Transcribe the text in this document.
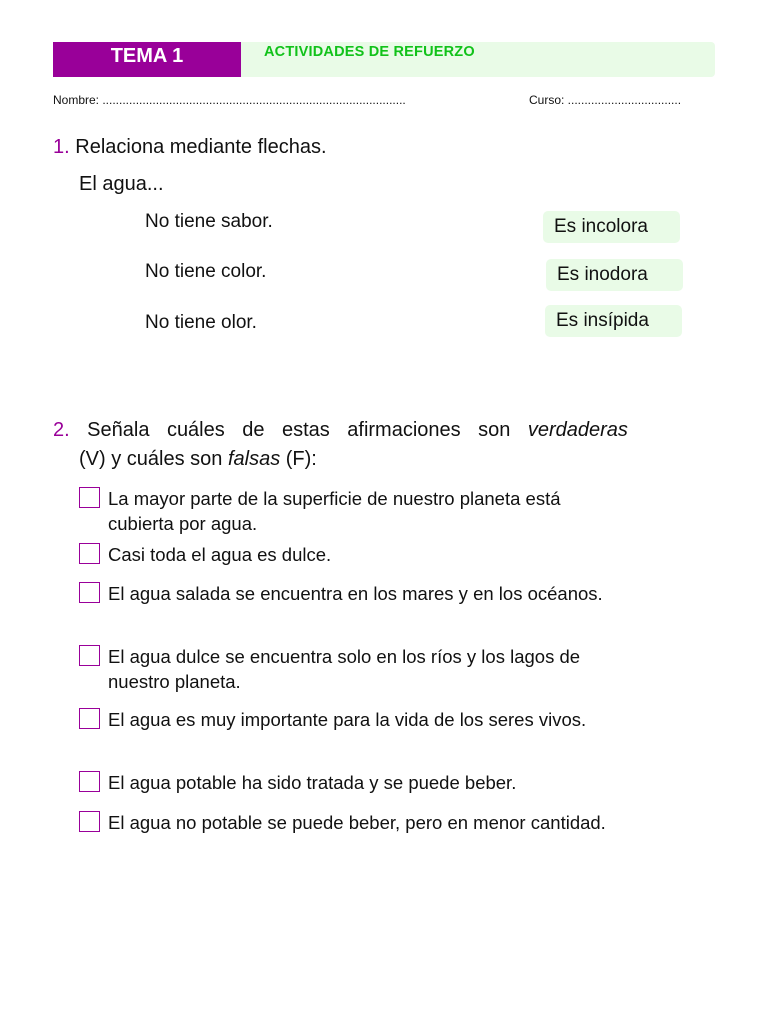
TEMA 1	ACTIVIDADES DE REFUERZO
Nombre: ...........................................................................................	Curso: ..................................
1. Relaciona mediante flechas.
El agua...
No tiene sabor.
No tiene color.
No tiene olor.
Es incolora
Es inodora
Es insípida
2. Señala cuáles de estas afirmaciones son verdaderas
(V) y cuáles son falsas (F):
La mayor parte de la superficie de nuestro planeta está cubierta por agua.
Casi toda el agua es dulce.
El agua salada se encuentra en los mares y en los océanos.
El agua dulce se encuentra solo en los ríos y los lagos de nuestro planeta.
El agua es muy importante para la vida de los seres vivos.
El agua potable ha sido tratada y se puede beber.
El agua no potable se puede beber, pero en menor cantidad.
